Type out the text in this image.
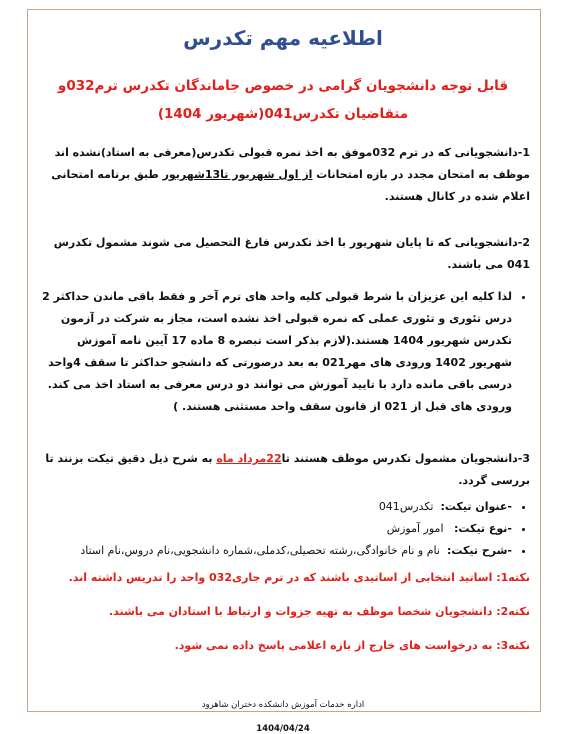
اطلاعیه مهم تکدرس
قابل توجه دانشجویان گرامی در خصوص جاماندگان تکدرس ترم032و متقاضیان تکدرس041(شهریور 1404)

1-دانشجویانی که در ترم 032موفق به اخذ نمره قبولی تکدرس(معرفی به استاد)نشده اند موظف به امتحان مجدد در بازه امتحانات از اول شهریور تا13شهریور طبق برنامه امتحانی اعلام شده در کانال هستند.

2-دانشجویانی که تا پایان شهریور با اخذ تکدرس فارغ التحصیل می شوند مشمول تکدرس 041 می باشند.

• لذا کلیه این عزیزان با شرط قبولی کلیه واحد های ترم آخر و فقط باقی ماندن حداکثر 2 درس تئوری و تئوری عملی که نمره قبولی اخذ نشده است، مجاز به شرکت در آزمون تکدرس شهریور 1404 هستند.(لازم بذکر است تبصره 8 ماده 17 آیین نامه آموزش شهریور 1402 ورودی های مهر021 به بعد درصورتی که دانشجو حداکثر تا سقف 4واحد درسی باقی مانده دارد با تایید آموزش می توانند دو درس معرفی به استاد اخذ می کند. ورودی های قبل از 021 از قانون سقف واحد مستثنی هستند. )

3-دانشجویان مشمول تکدرس موظف هستند تا22مرداد ماه به شرح ذیل دقیق تیکت بزنند تا بررسی گردد.

• -عنوان تیکت:  تکدرس041
• -نوع تیکت:   امور آموزش
• -شرح تیکت:  نام و نام خانوادگی،رشته تحصیلی،کدملی،شماره دانشجویی،نام دروس،نام استاد

نکته1: اساتید انتخابی از اساتیدی باشند که در ترم جاری032 واحد را تدریس داشته اند.

نکته2: دانشجویان شخصا موظف به تهیه جزوات و ارتباط با استادان می باشند.

نکته3: به درخواست های خارج از بازه اعلامی پاسخ داده نمی شود.

اداره خدمات آموزش دانشکده دختران شاهرود
1404/04/24
